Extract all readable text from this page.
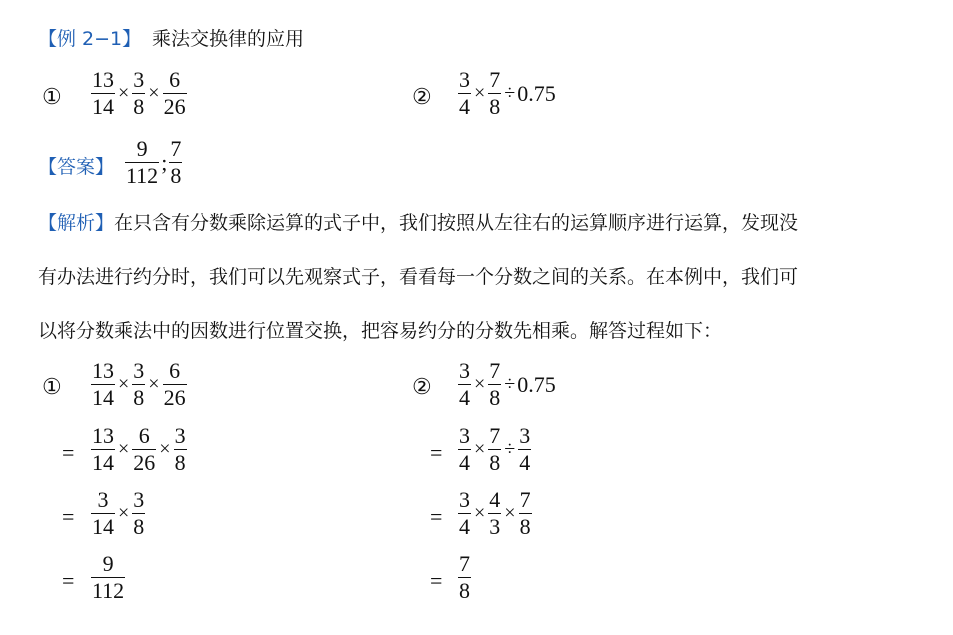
【例 2−1】 乘法交换律的应用
① $\frac{13}{14} \times \frac{3}{8} \times \frac{6}{26}$	② $\frac{3}{4} \times \frac{7}{8} \div 0.75$
【答案】 $\frac{9}{112}$ ; $\frac{7}{8}$
【解析】在只含有分数乘除运算的式子中，我们按照从左往右的运算顺序进行运算，发现没
有办法进行约分时，我们可以先观察式子，看看每一个分数之间的关系。在本例中，我们可
以将分数乘法中的因数进行位置交换，把容易约分的分数先相乘。解答过程如下：
① $\frac{13}{14} \times \frac{3}{8} \times \frac{6}{26}$
= $\frac{13}{14} \times \frac{6}{26} \times \frac{3}{8}$
= $\frac{3}{14} \times \frac{3}{8}$
= $\frac{9}{112}$
② $\frac{3}{4} \times \frac{7}{8} \div 0.75$
= $\frac{3}{4} \times \frac{7}{8} \div \frac{3}{4}$
= $\frac{3}{4} \times \frac{4}{3} \times \frac{7}{8}$
= $\frac{7}{8}$
